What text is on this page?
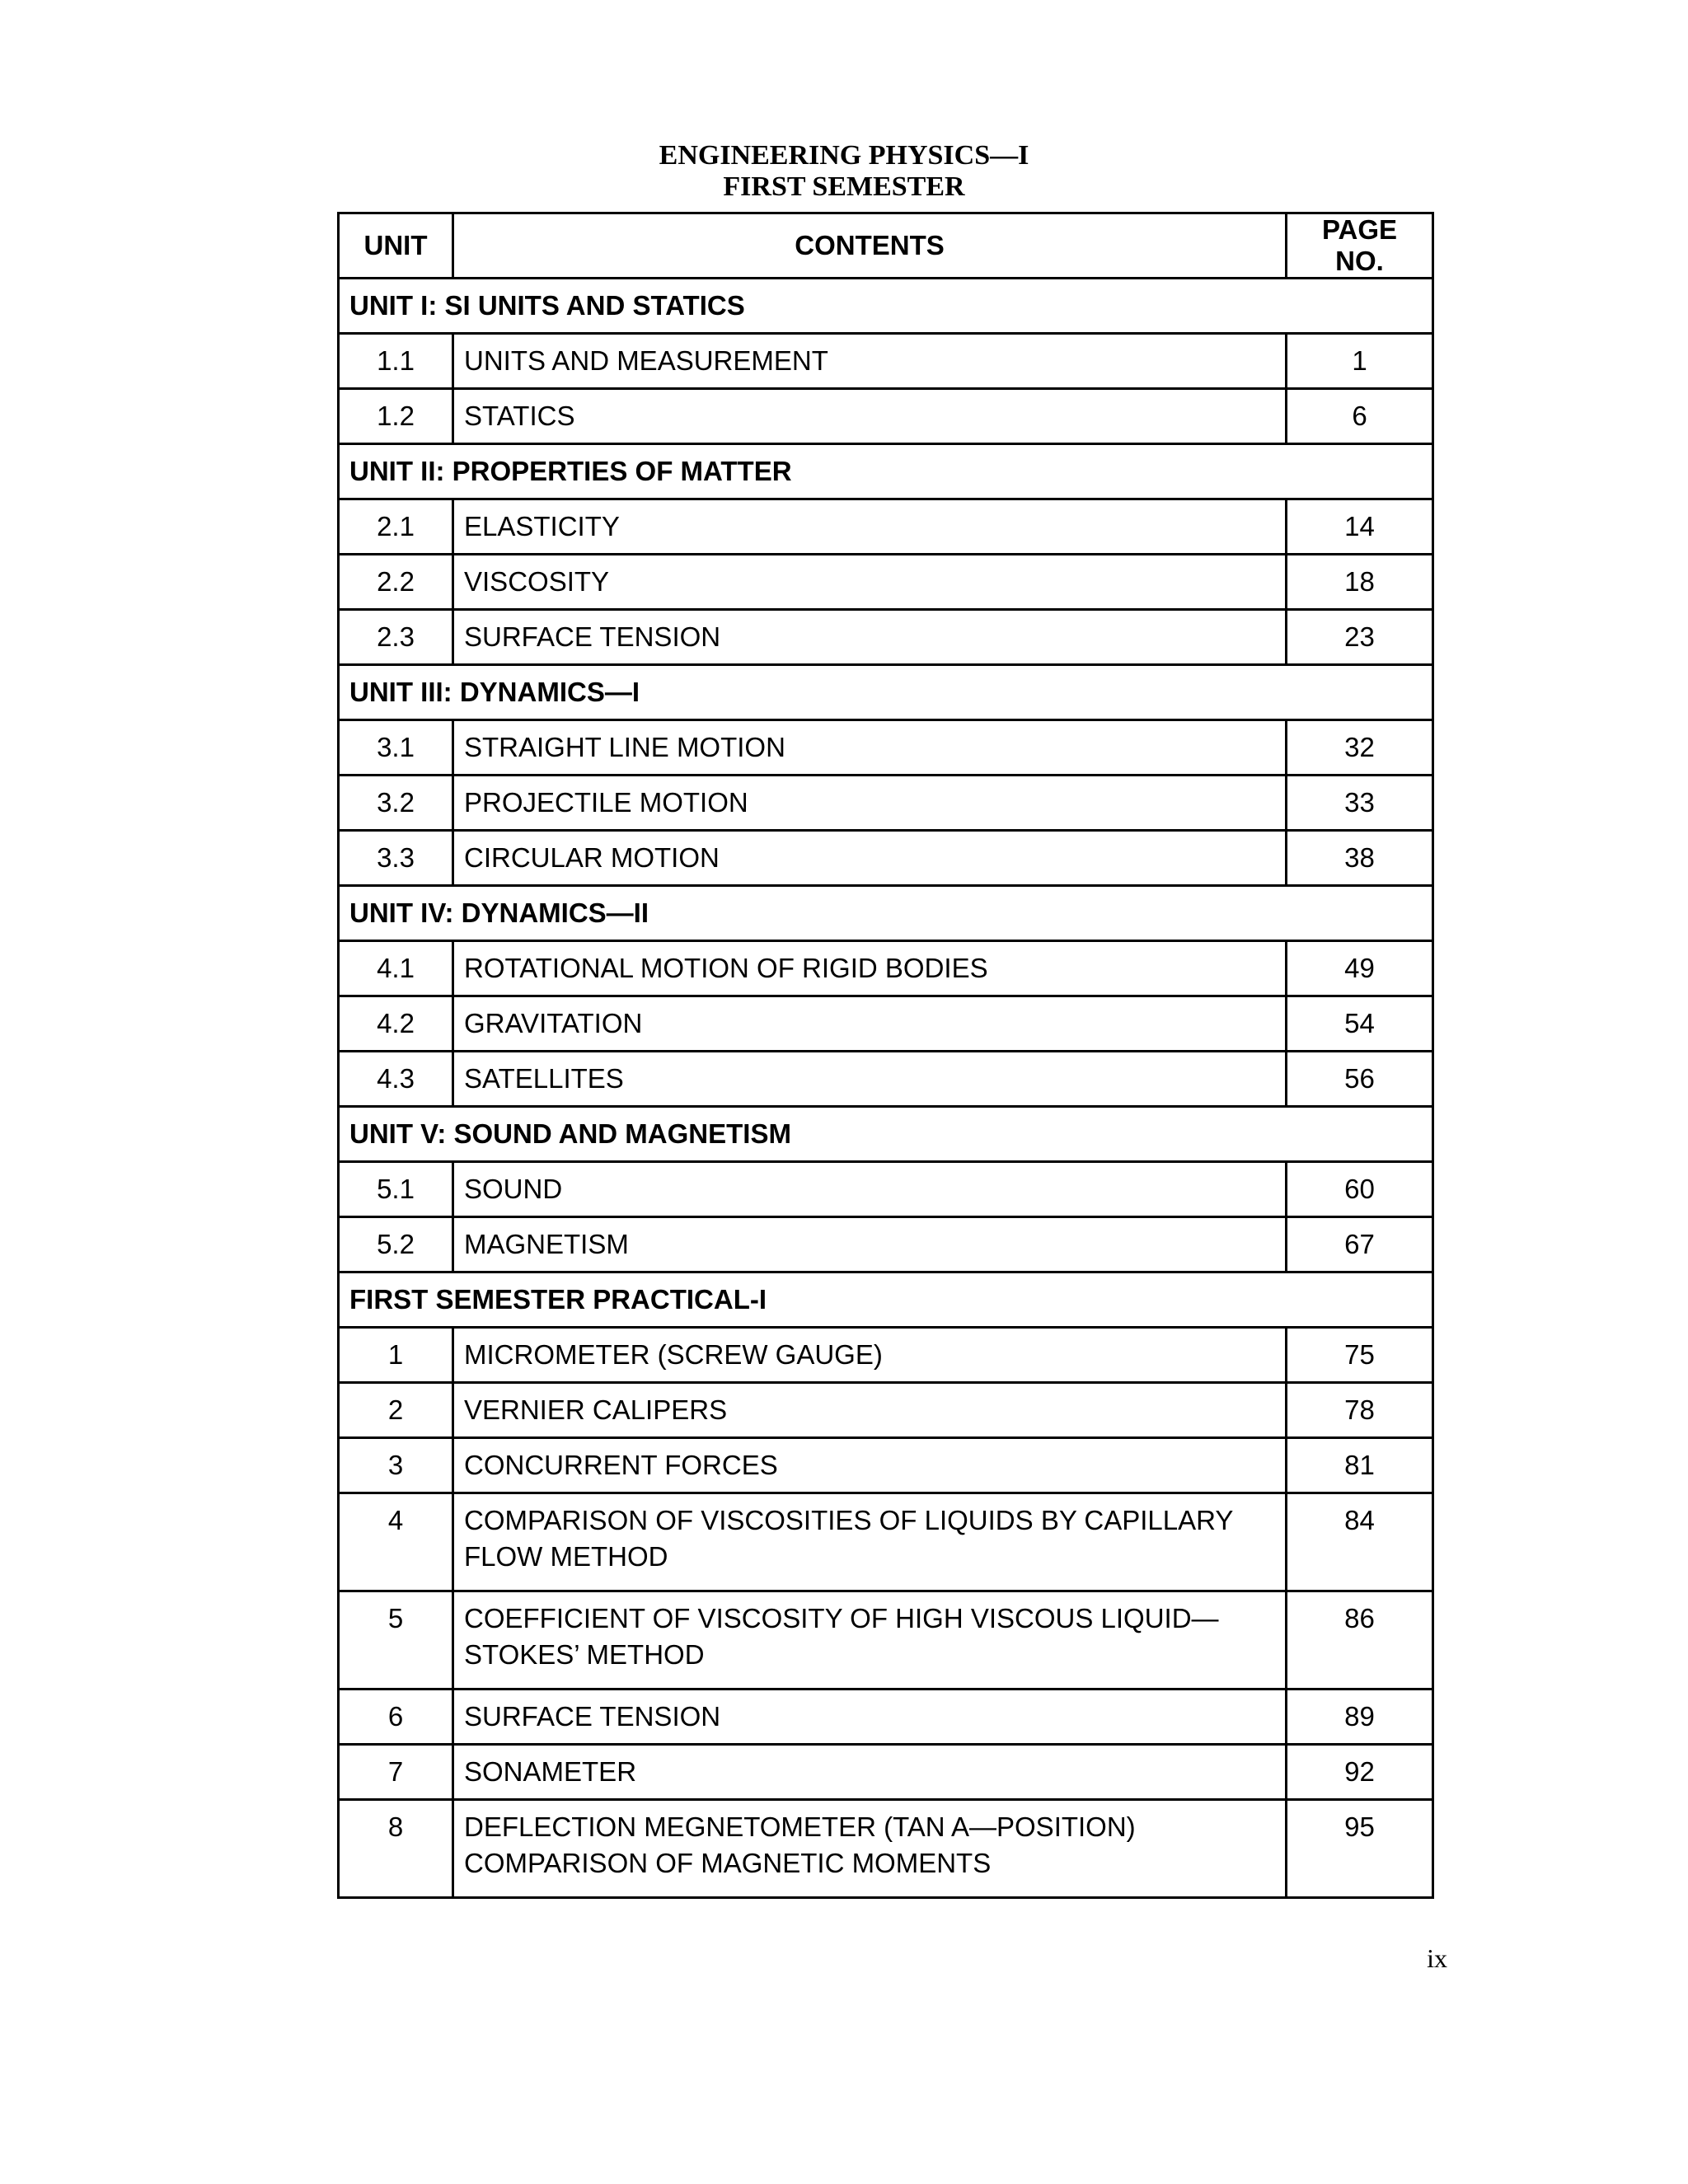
ENGINEERING PHYSICS—I
FIRST SEMESTER
UNIT	CONTENTS	PAGE NO.
UNIT I: SI UNITS AND STATICS		
1.1	UNITS AND MEASUREMENT	1
1.2	STATICS	6
UNIT II: PROPERTIES OF MATTER		
2.1	ELASTICITY	14
2.2	VISCOSITY	18
2.3	SURFACE TENSION	23
UNIT III: DYNAMICS—I		
3.1	STRAIGHT LINE MOTION	32
3.2	PROJECTILE MOTION	33
3.3	CIRCULAR MOTION	38
UNIT IV: DYNAMICS—II		
4.1	ROTATIONAL MOTION OF RIGID BODIES	49
4.2	GRAVITATION	54
4.3	SATELLITES	56
UNIT V: SOUND AND MAGNETISM		
5.1	SOUND	60
5.2	MAGNETISM	67
FIRST SEMESTER PRACTICAL-I		
1	MICROMETER (SCREW GAUGE)	75
2	VERNIER CALIPERS	78
3	CONCURRENT FORCES	81
4	COMPARISON OF VISCOSITIES OF LIQUIDS BY CAPILLARY FLOW METHOD	84
5	COEFFICIENT OF VISCOSITY OF HIGH VISCOUS LIQUID—STOKES’ METHOD	86
6	SURFACE TENSION	89
7	SONAMETER	92
8	DEFLECTION MEGNETOMETER (TAN A—POSITION) COMPARISON OF MAGNETIC MOMENTS	95
ix
